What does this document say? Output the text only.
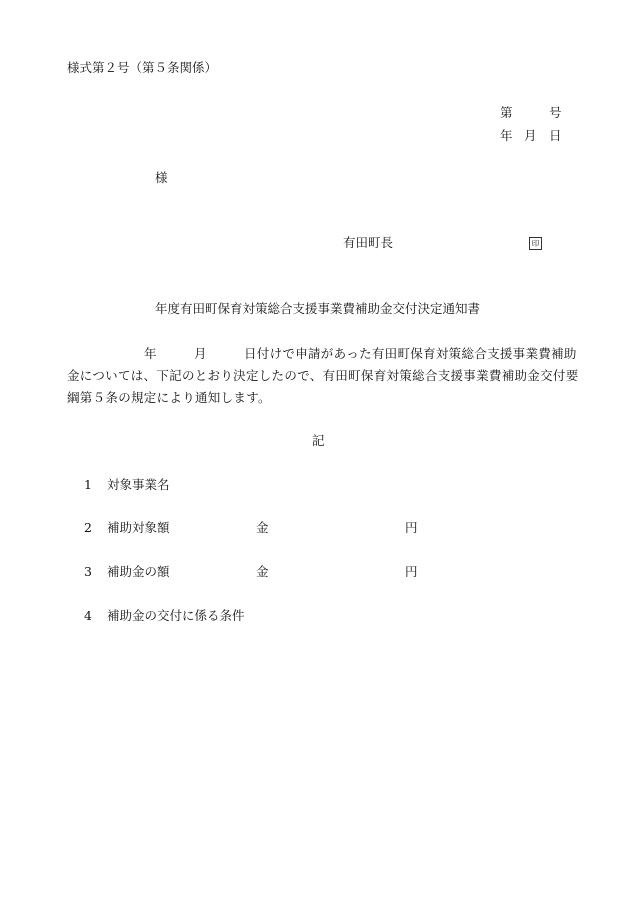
様式第２号（第５条関係）
第	号
年 月 日
様
有田町長	印
年度有田町保育対策総合支援事業費補助金交付決定通知書
年	月	日付けで申請があった有田町保育対策総合支援事業費補助
金については、下記のとおり決定したので、有田町保育対策総合支援事業費補助金交付要
綱第５条の規定により通知します。
記
1 対象事業名
2 補助対象額	金	円
3 補助金の額	金	円
4 補助金の交付に係る条件
